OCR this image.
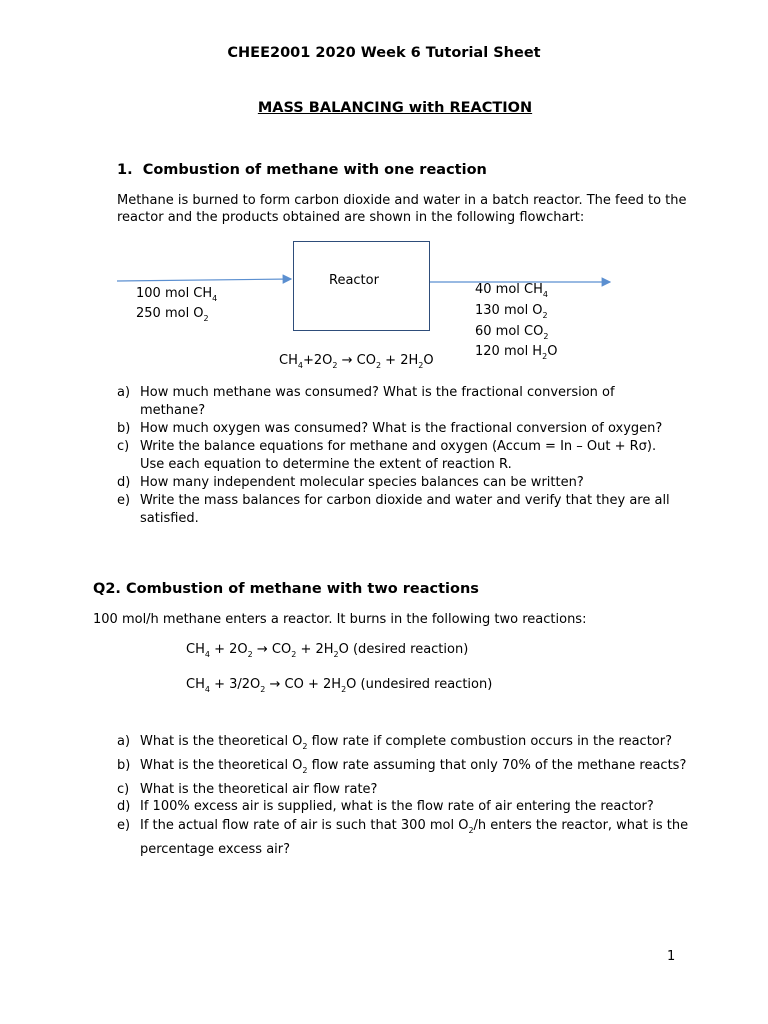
CHEE2001 2020 Week 6 Tutorial Sheet
MASS BALANCING with REACTION
1.  Combustion of methane with one reaction
Methane is burned to form carbon dioxide and water in a batch reactor. The feed to the
reactor and the products obtained are shown in the following flowchart:
Reactor
100 mol $CH_4$
250 mol $O_2$
40 mol $CH_4$
130 mol $O_2$
60 mol $CO_2$
120 mol $H_2O$
$CH_4+2O_2 \to CO_2 + 2H_2O$
a) How much methane was consumed? What is the fractional conversion of methane?
b) How much oxygen was consumed? What is the fractional conversion of oxygen?
c) Write the balance equations for methane and oxygen (Accum = In – Out + Rσ). Use each equation to determine the extent of reaction R.
d) How many independent molecular species balances can be written?
e) Write the mass balances for carbon dioxide and water and verify that they are all satisfied.
Q2. Combustion of methane with two reactions
100 mol/h methane enters a reactor. It burns in the following two reactions:
$CH_4 + 2O_2 \to CO_2 + 2H_2O$ (desired reaction)
$CH_4 + 3/2O_2$ → CO + $2H_2O$ (undesired reaction)
a) What is the theoretical $O_2$ flow rate if complete combustion occurs in the reactor?
b) What is the theoretical $O_2$ flow rate assuming that only 70% of the methane reacts?
c) What is the theoretical air flow rate?
d) If 100% excess air is supplied, what is the flow rate of air entering the reactor?
e) If the actual flow rate of air is such that 300 mol $O_2/h$ enters the reactor, what is the
percentage excess air?
1
